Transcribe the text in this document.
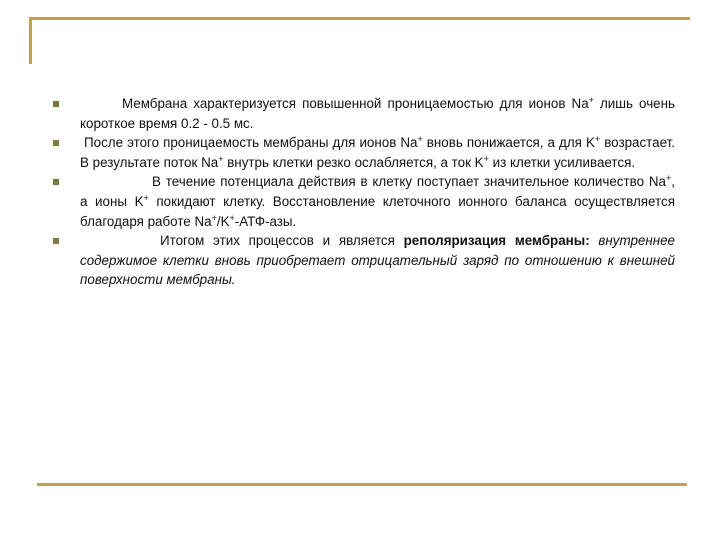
Мембрана характеризуется повышенной проницаемостью для ионов Na+ лишь очень короткое время 0.2 - 0.5 мс.
После этого проницаемость мембраны для ионов Na+ вновь понижается, а для K+ возрастает. В результате поток Na+ внутрь клетки резко ослабляется, а ток K+ из клетки усиливается.
В течение потенциала действия в клетку поступает значительное количество Na+, а ионы K+ покидают клетку. Восстановление клеточного ионного баланса осуществляется благодаря работе Na+/K+-АТФ-азы.
Итогом этих процессов и является реполяризация мембраны: внутреннее содержимое клетки вновь приобретает отрицательный заряд по отношению к внешней поверхности мембраны.
